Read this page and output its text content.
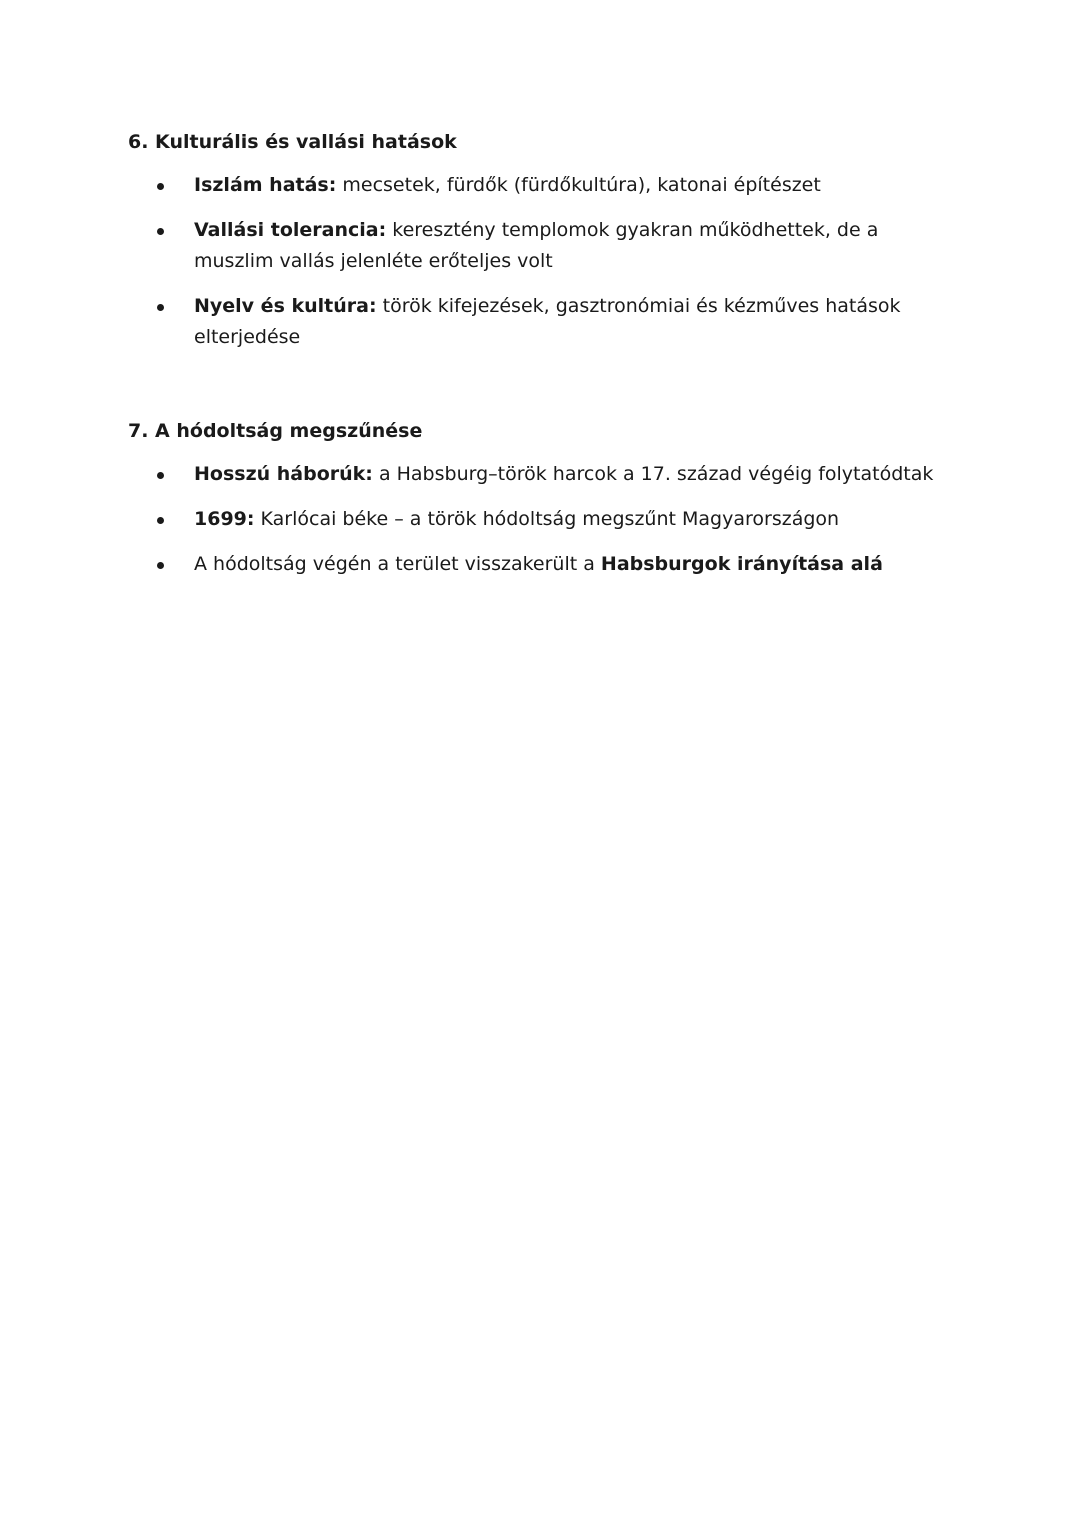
6. Kulturális és vallási hatások
Iszlám hatás: mecsetek, fürdők (fürdőkultúra), katonai építészet
Vallási tolerancia: keresztény templomok gyakran működhettek, de a muszlim vallás jelenléte erőteljes volt
Nyelv és kultúra: török kifejezések, gasztronómiai és kézműves hatások elterjedése
7. A hódoltság megszűnése
Hosszú háborúk: a Habsburg–török harcok a 17. század végéig folytatódtak
1699: Karlócai béke – a török hódoltság megszűnt Magyarországon
A hódoltság végén a terület visszakerült a Habsburgok irányítása alá
